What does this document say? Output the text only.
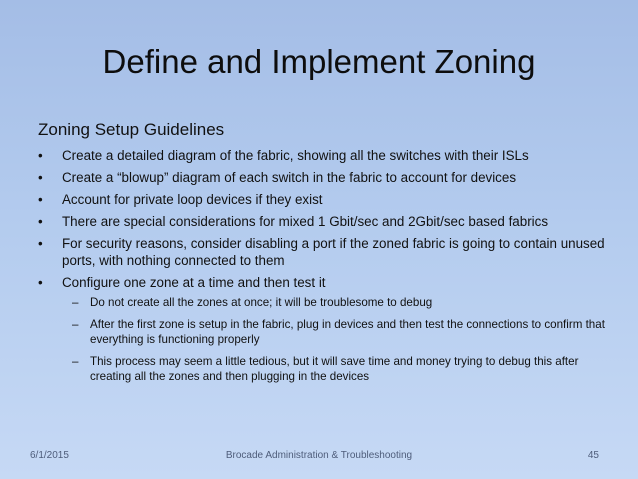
Define and Implement Zoning
Zoning Setup Guidelines
• Create a detailed diagram of the fabric, showing all the switches with their ISLs
• Create a “blowup” diagram of each switch in the fabric to account for devices
• Account for private loop devices if they exist
• There are special considerations for mixed 1 Gbit/sec and 2Gbit/sec based fabrics
• For security reasons, consider disabling a port if the zoned fabric is going to contain unused ports, with nothing connected to them
• Configure one zone at a time and then test it
– Do not create all the zones at once; it will be troublesome to debug
– After the first zone is setup in the fabric, plug in devices and then test the connections to confirm that everything is functioning properly
– This process may seem a little tedious, but it will save time and money trying to debug this after creating all the zones and then plugging in the devices
6/1/2015	Brocade Administration & Troubleshooting	45
